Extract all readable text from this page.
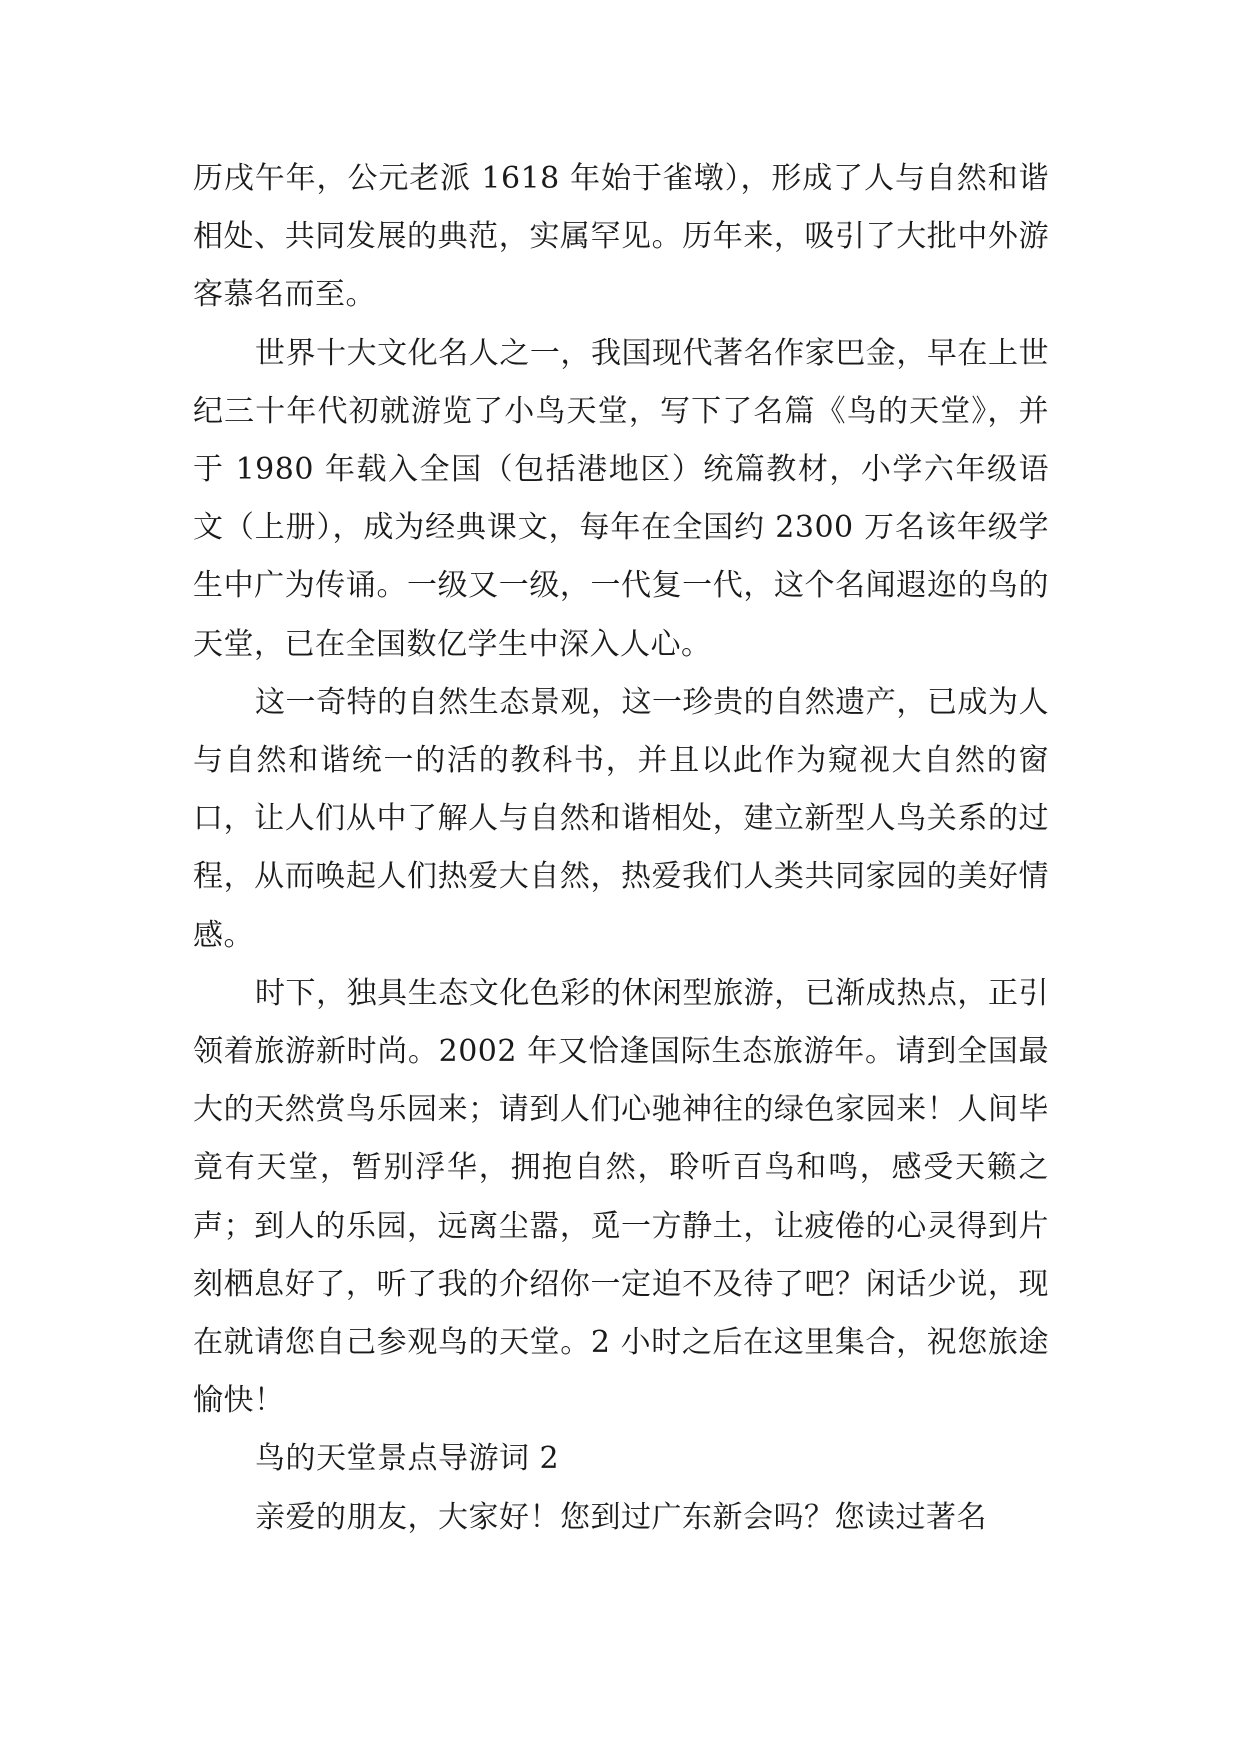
历戌午年，公元老派 1618 年始于雀墩），形成了人与自然和谐相处、共同发展的典范，实属罕见。历年来，吸引了大批中外游客慕名而至。

世界十大文化名人之一，我国现代著名作家巴金，早在上世纪三十年代初就游览了小鸟天堂，写下了名篇《鸟的天堂》，并于 1980 年载入全国（包括港地区）统篇教材，小学六年级语文（上册），成为经典课文，每年在全国约 2300 万名该年级学生中广为传诵。一级又一级，一代复一代，这个名闻遐迩的鸟的天堂，已在全国数亿学生中深入人心。

这一奇特的自然生态景观，这一珍贵的自然遗产，已成为人与自然和谐统一的活的教科书，并且以此作为窥视大自然的窗口，让人们从中了解人与自然和谐相处，建立新型人鸟关系的过程，从而唤起人们热爱大自然，热爱我们人类共同家园的美好情感。

时下，独具生态文化色彩的休闲型旅游，已渐成热点，正引领着旅游新时尚。2002 年又恰逢国际生态旅游年。请到全国最大的天然赏鸟乐园来；请到人们心驰神往的绿色家园来！人间毕竟有天堂，暂别浮华，拥抱自然，聆听百鸟和鸣，感受天籁之声；到人的乐园，远离尘嚣，觅一方静土，让疲倦的心灵得到片刻栖息好了，听了我的介绍你一定迫不及待了吧？闲话少说，现在就请您自己参观鸟的天堂。2 小时之后在这里集合，祝您旅途愉快！

鸟的天堂景点导游词 2

亲爱的朋友，大家好！您到过广东新会吗？您读过著名
